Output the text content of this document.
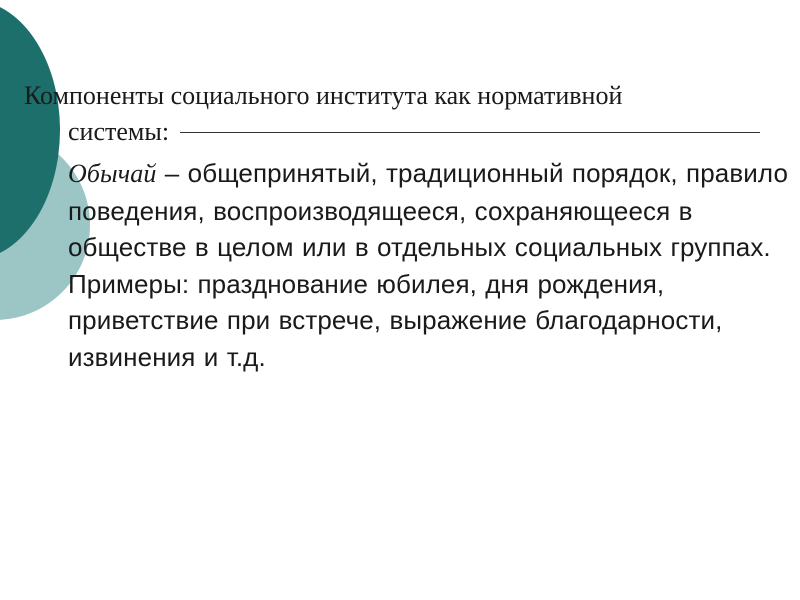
Компоненты социального института как нормативной
системы:

Обычай – общепринятый, традиционный порядок, правило поведения, воспроизводящееся, сохраняющееся в обществе в целом или в отдельных социальных группах. Примеры: празднование юбилея, дня рождения, приветствие при встрече, выражение благодарности, извинения и т.д.
